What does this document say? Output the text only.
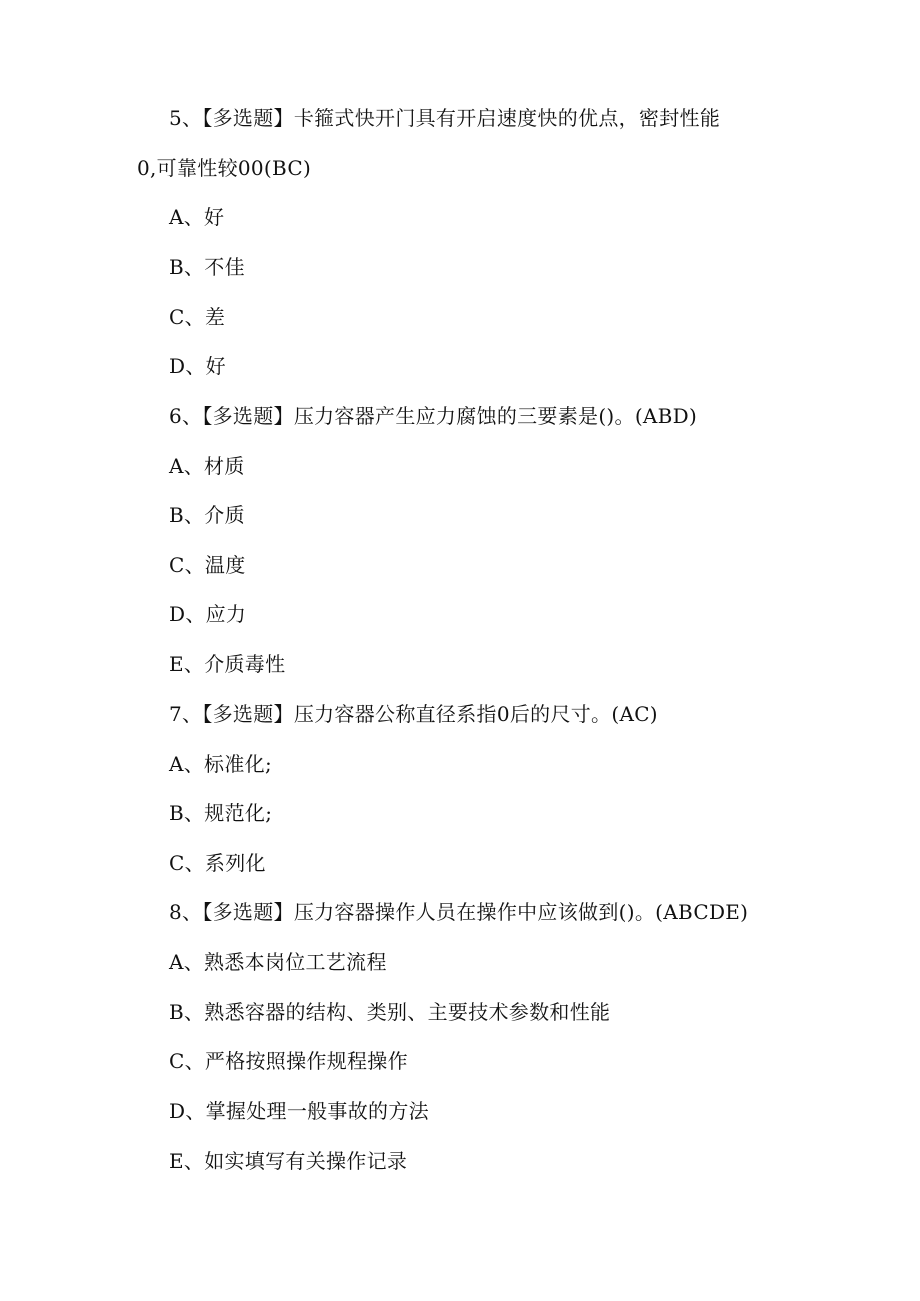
5、【多选题】卡箍式快开门具有开启速度快的优点，密封性能
0,可靠性较00(BC)
A、好
B、不佳
C、差
D、好
6、【多选题】压力容器产生应力腐蚀的三要素是()。(ABD)
A、材质
B、介质
C、温度
D、应力
E、介质毒性
7、【多选题】压力容器公称直径系指0后的尺寸。(AC)
A、标准化;
B、规范化;
C、系列化
8、【多选题】压力容器操作人员在操作中应该做到()。(ABCDE)
A、熟悉本岗位工艺流程
B、熟悉容器的结构、类别、主要技术参数和性能
C、严格按照操作规程操作
D、掌握处理一般事故的方法
E、如实填写有关操作记录
